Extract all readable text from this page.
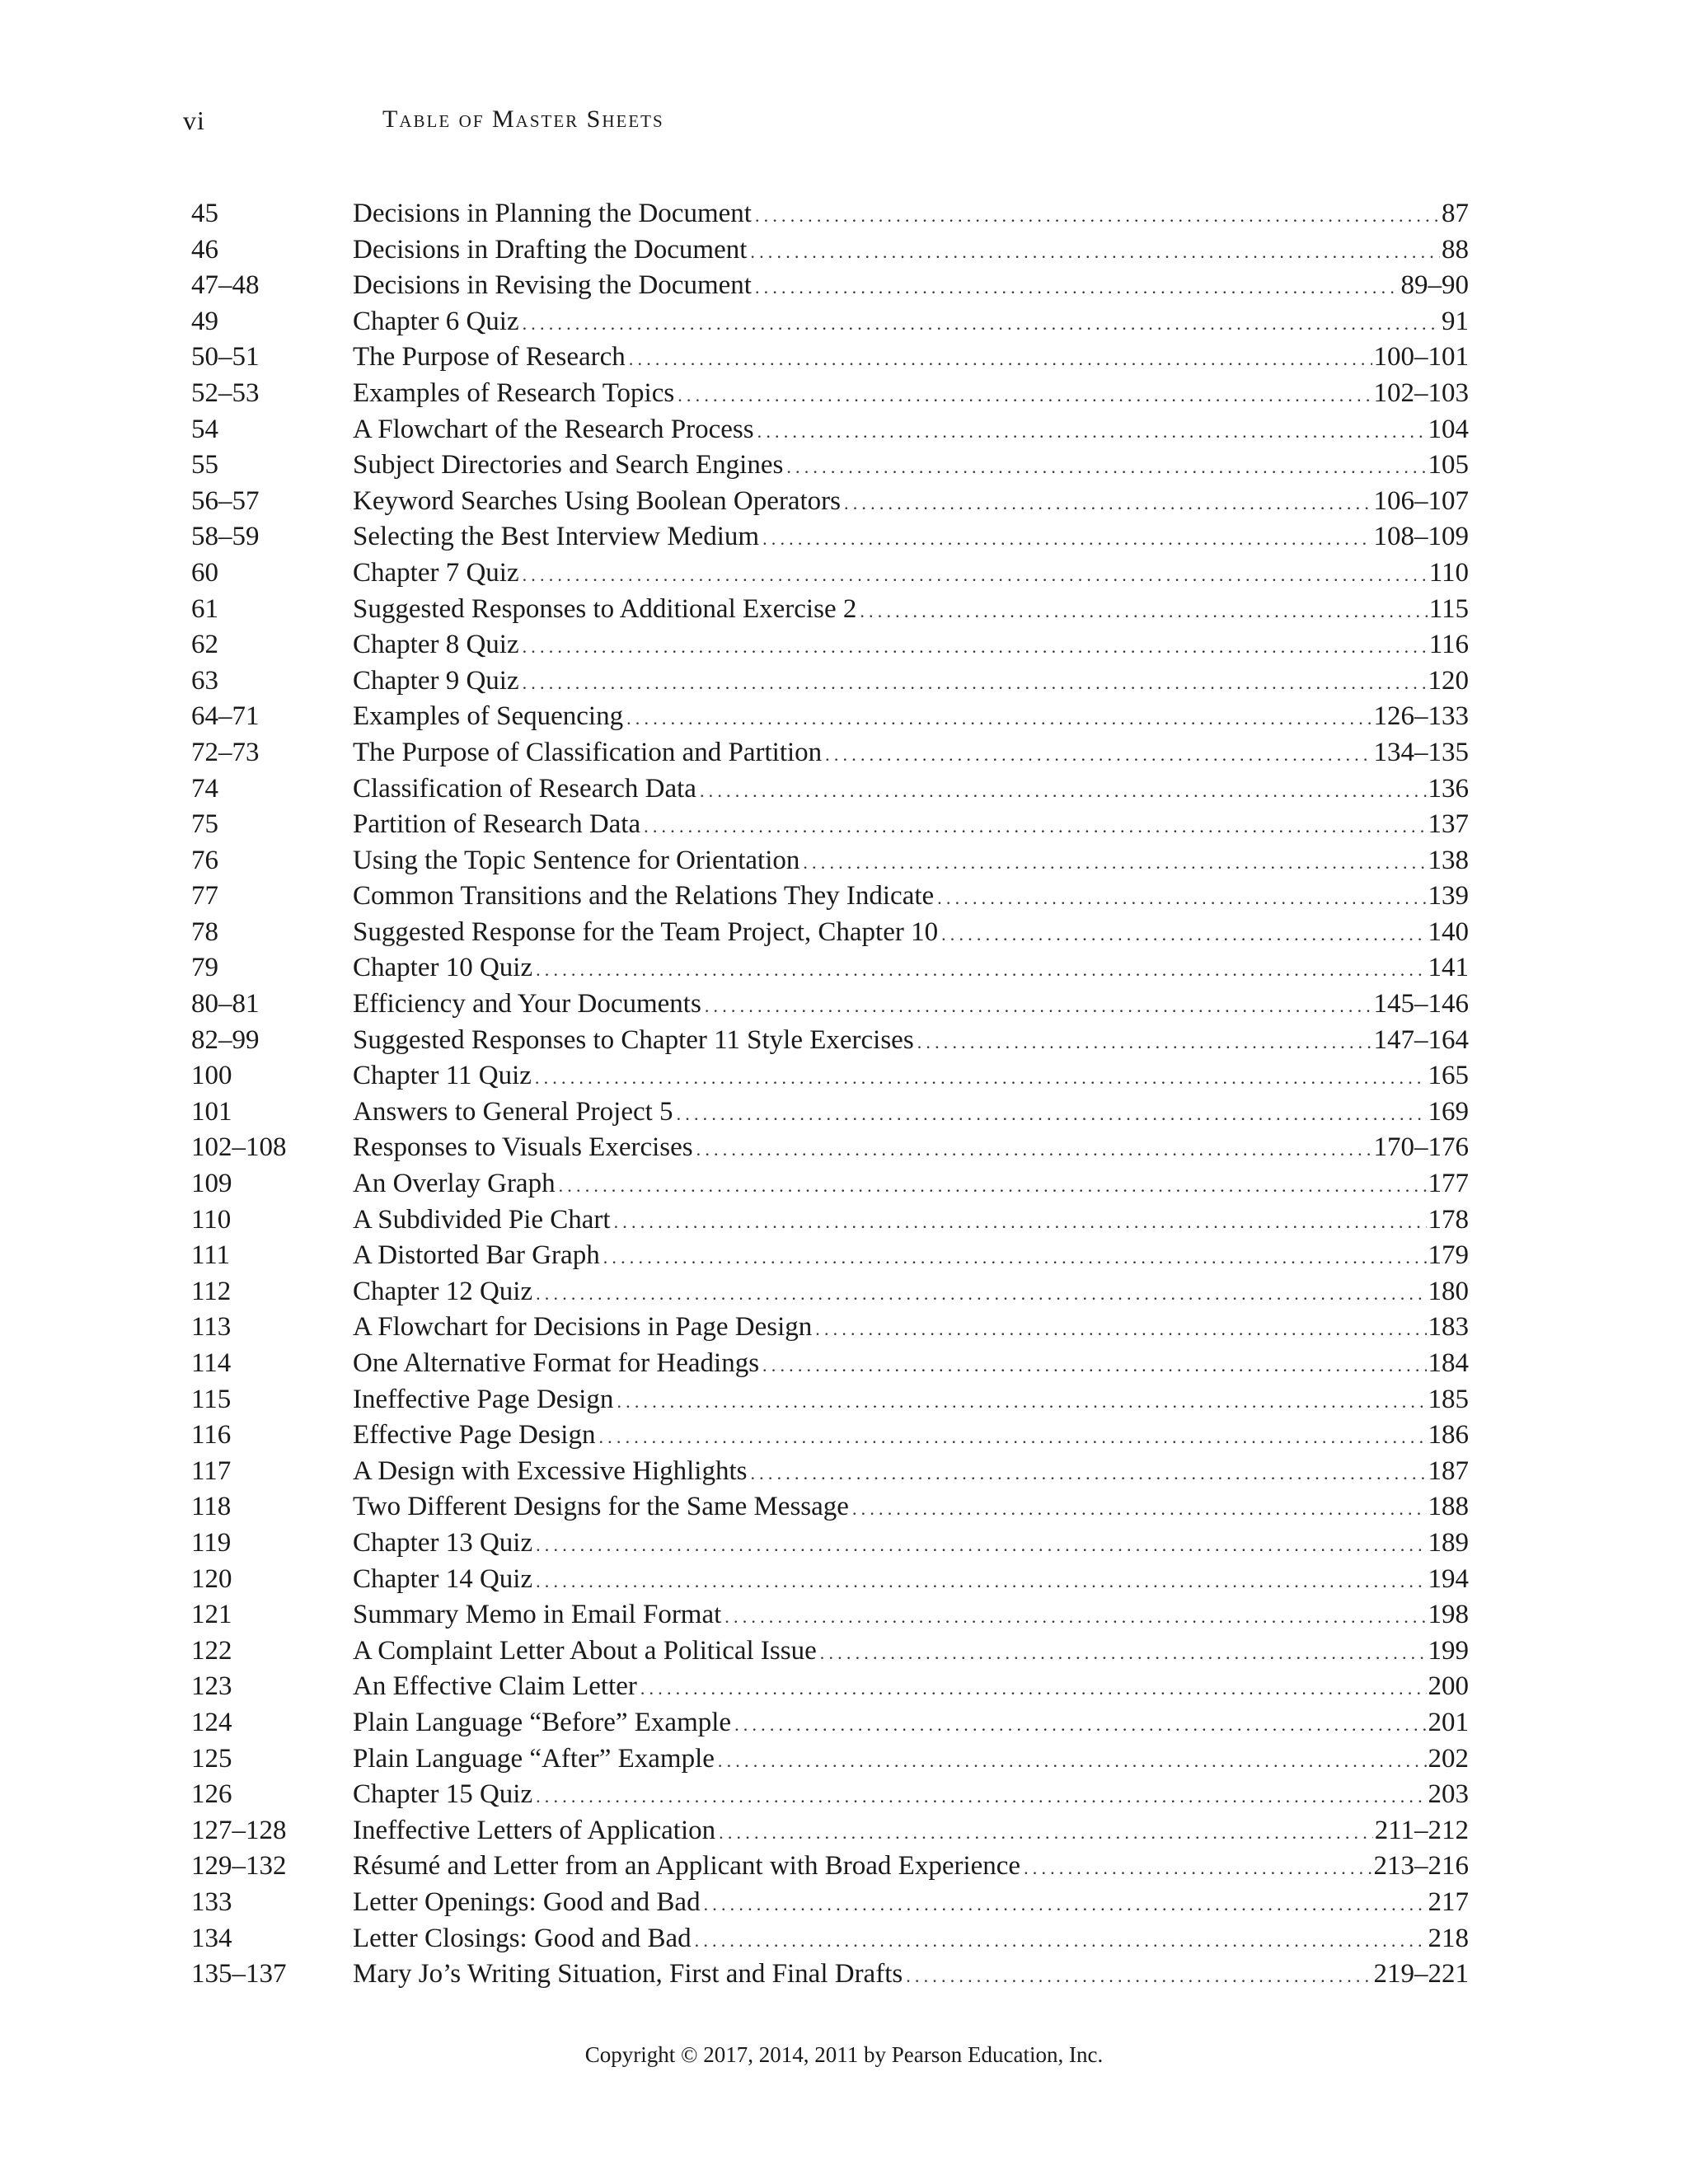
vi	Table of Master Sheets
45	Decisions in Planning the Document .....	87
46	Decisions in Drafting the Document .....	88
47–48	Decisions in Revising the Document .....	89–90
49	Chapter 6 Quiz .....	91
50–51	The Purpose of Research .....	100–101
52–53	Examples of Research Topics .....	102–103
54	A Flowchart of the Research Process .....	104
55	Subject Directories and Search Engines .....	105
56–57	Keyword Searches Using Boolean Operators .....	106–107
58–59	Selecting the Best Interview Medium .....	108–109
60	Chapter 7 Quiz .....	110
61	Suggested Responses to Additional Exercise 2 .....	115
62	Chapter 8 Quiz .....	116
63	Chapter 9 Quiz .....	120
64–71	Examples of Sequencing .....	126–133
72–73	The Purpose of Classification and Partition .....	134–135
74	Classification of Research Data .....	136
75	Partition of Research Data .....	137
76	Using the Topic Sentence for Orientation .....	138
77	Common Transitions and the Relations They Indicate .....	139
78	Suggested Response for the Team Project, Chapter 10 .....	140
79	Chapter 10 Quiz .....	141
80–81	Efficiency and Your Documents .....	145–146
82–99	Suggested Responses to Chapter 11 Style Exercises .....	147–164
100	Chapter 11 Quiz .....	165
101	Answers to General Project 5 .....	169
102–108	Responses to Visuals Exercises .....	170–176
109	An Overlay Graph .....	177
110	A Subdivided Pie Chart .....	178
111	A Distorted Bar Graph .....	179
112	Chapter 12 Quiz .....	180
113	A Flowchart for Decisions in Page Design .....	183
114	One Alternative Format for Headings .....	184
115	Ineffective Page Design .....	185
116	Effective Page Design .....	186
117	A Design with Excessive Highlights .....	187
118	Two Different Designs for the Same Message .....	188
119	Chapter 13 Quiz .....	189
120	Chapter 14 Quiz .....	194
121	Summary Memo in Email Format .....	198
122	A Complaint Letter About a Political Issue .....	199
123	An Effective Claim Letter .....	200
124	Plain Language “Before” Example .....	201
125	Plain Language “After” Example .....	202
126	Chapter 15 Quiz .....	203
127–128	Ineffective Letters of Application .....	211–212
129–132	Résumé and Letter from an Applicant with Broad Experience .....	213–216
133	Letter Openings: Good and Bad .....	217
134	Letter Closings: Good and Bad .....	218
135–137	Mary Jo’s Writing Situation, First and Final Drafts .....	219–221
Copyright © 2017, 2014, 2011 by Pearson Education, Inc.
